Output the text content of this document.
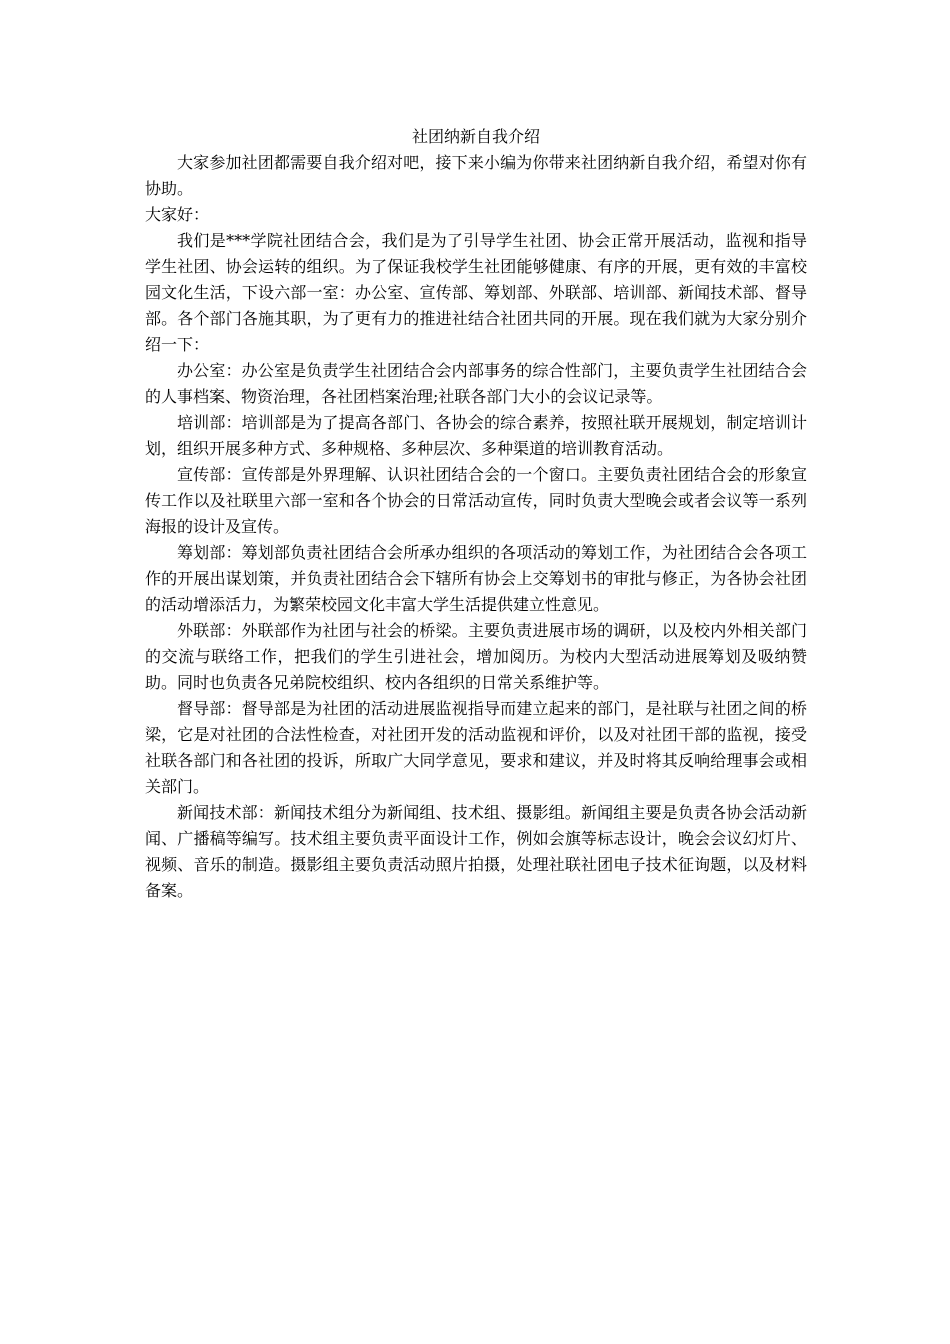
社团纳新自我介绍

大家参加社团都需要自我介绍对吧，接下来小编为你带来社团纳新自我介绍，希望对你有协助。

大家好：

我们是***学院社团结合会，我们是为了引导学生社团、协会正常开展活动，监视和指导学生社团、协会运转的组织。为了保证我校学生社团能够健康、有序的开展，更有效的丰富校园文化生活，下设六部一室：办公室、宣传部、筹划部、外联部、培训部、新闻技术部、督导部。各个部门各施其职，为了更有力的推进社结合社团共同的开展。现在我们就为大家分别介绍一下：

办公室：办公室是负责学生社团结合会内部事务的综合性部门，主要负责学生社团结合会的人事档案、物资治理，各社团档案治理;社联各部门大小的会议记录等。

培训部：培训部是为了提高各部门、各协会的综合素养，按照社联开展规划，制定培训计划，组织开展多种方式、多种规格、多种层次、多种渠道的培训教育活动。

宣传部：宣传部是外界理解、认识社团结合会的一个窗口。主要负责社团结合会的形象宣传工作以及社联里六部一室和各个协会的日常活动宣传，同时负责大型晚会或者会议等一系列海报的设计及宣传。

筹划部：筹划部负责社团结合会所承办组织的各项活动的筹划工作，为社团结合会各项工作的开展出谋划策，并负责社团结合会下辖所有协会上交筹划书的审批与修正，为各协会社团的活动增添活力，为繁荣校园文化丰富大学生活提供建立性意见。

外联部：外联部作为社团与社会的桥梁。主要负责进展市场的调研，以及校内外相关部门的交流与联络工作，把我们的学生引进社会，增加阅历。为校内大型活动进展筹划及吸纳赞助。同时也负责各兄弟院校组织、校内各组织的日常关系维护等。

督导部：督导部是为社团的活动进展监视指导而建立起来的部门，是社联与社团之间的桥梁，它是对社团的合法性检查，对社团开发的活动监视和评价，以及对社团干部的监视，接受社联各部门和各社团的投诉，所取广大同学意见，要求和建议，并及时将其反响给理事会或相关部门。

新闻技术部：新闻技术组分为新闻组、技术组、摄影组。新闻组主要是负责各协会活动新闻、广播稿等编写。技术组主要负责平面设计工作，例如会旗等标志设计，晚会会议幻灯片、视频、音乐的制造。摄影组主要负责活动照片拍摄，处理社联社团电子技术征询题，以及材料备案。
